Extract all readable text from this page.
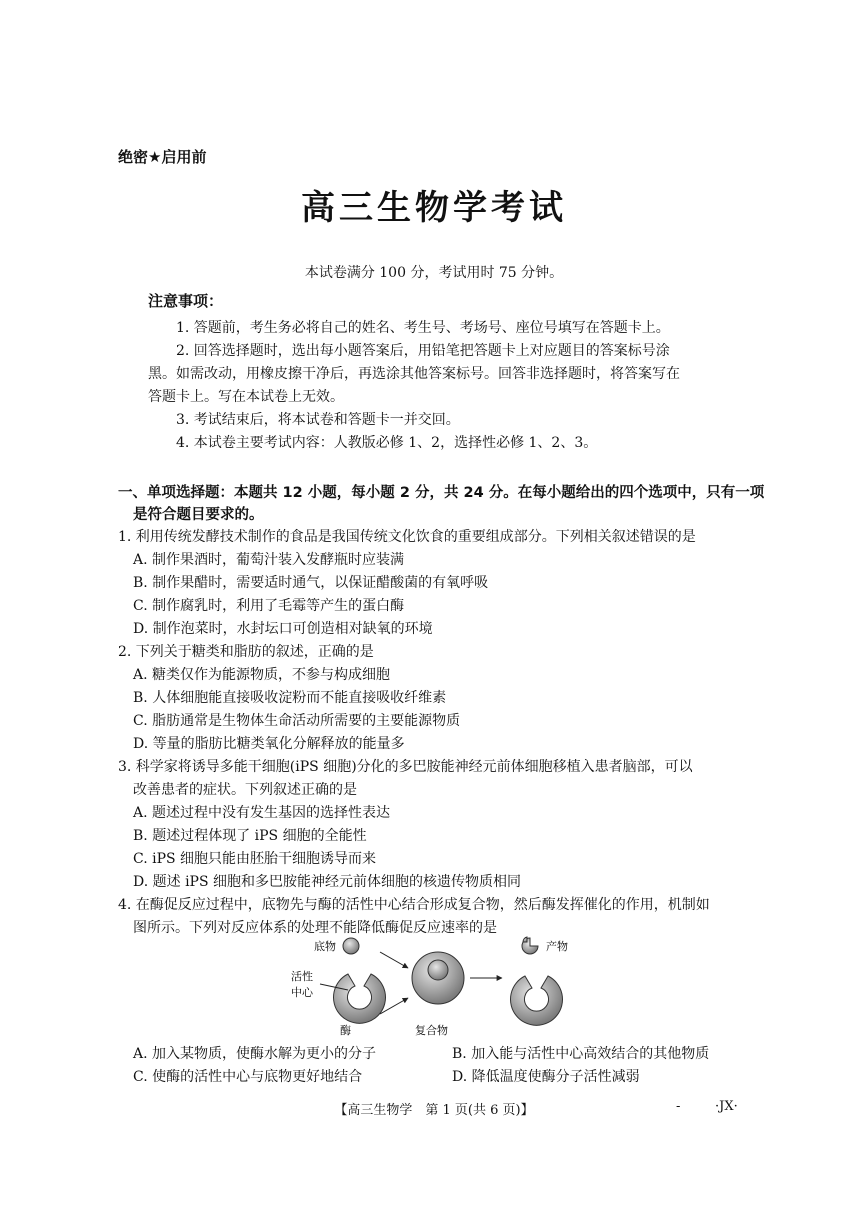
绝密★启用前
高三生物学考试
本试卷满分 100 分，考试用时 75 分钟。
注意事项：
1. 答题前，考生务必将自己的姓名、考生号、考场号、座位号填写在答题卡上。
2. 回答选择题时，选出每小题答案后，用铅笔把答题卡上对应题目的答案标号涂
黑。如需改动，用橡皮擦干净后，再选涂其他答案标号。回答非选择题时，将答案写在
答题卡上。写在本试卷上无效。
3. 考试结束后，将本试卷和答题卡一并交回。
4. 本试卷主要考试内容：人教版必修 1、2，选择性必修 1、2、3。
一、单项选择题：本题共 12 小题，每小题 2 分，共 24 分。在每小题给出的四个选项中，只有一项
是符合题目要求的。
1. 利用传统发酵技术制作的食品是我国传统文化饮食的重要组成部分。下列相关叙述错误的是
A. 制作果酒时，葡萄汁装入发酵瓶时应装满
B. 制作果醋时，需要适时通气，以保证醋酸菌的有氧呼吸
C. 制作腐乳时，利用了毛霉等产生的蛋白酶
D. 制作泡菜时，水封坛口可创造相对缺氧的环境
2. 下列关于糖类和脂肪的叙述，正确的是
A. 糖类仅作为能源物质，不参与构成细胞
B. 人体细胞能直接吸收淀粉而不能直接吸收纤维素
C. 脂肪通常是生物体生命活动所需要的主要能源物质
D. 等量的脂肪比糖类氧化分解释放的能量多
3. 科学家将诱导多能干细胞(iPS 细胞)分化的多巴胺能神经元前体细胞移植入患者脑部，可以
改善患者的症状。下列叙述正确的是
A. 题述过程中没有发生基因的选择性表达
B. 题述过程体现了 iPS 细胞的全能性
C. iPS 细胞只能由胚胎干细胞诱导而来
D. 题述 iPS 细胞和多巴胺能神经元前体细胞的核遗传物质相同
4. 在酶促反应过程中，底物先与酶的活性中心结合形成复合物，然后酶发挥催化的作用，机制如
图所示。下列对反应体系的处理不能降低酶促反应速率的是
底物
活性
中心
酶	复合物
产物
A. 加入某物质，使酶水解为更小的分子	B. 加入能与活性中心高效结合的其他物质
C. 使酶的活性中心与底物更好地结合	D. 降低温度使酶分子活性减弱
【高三生物学　第 1 页(共 6 页)】	-	·JX·
